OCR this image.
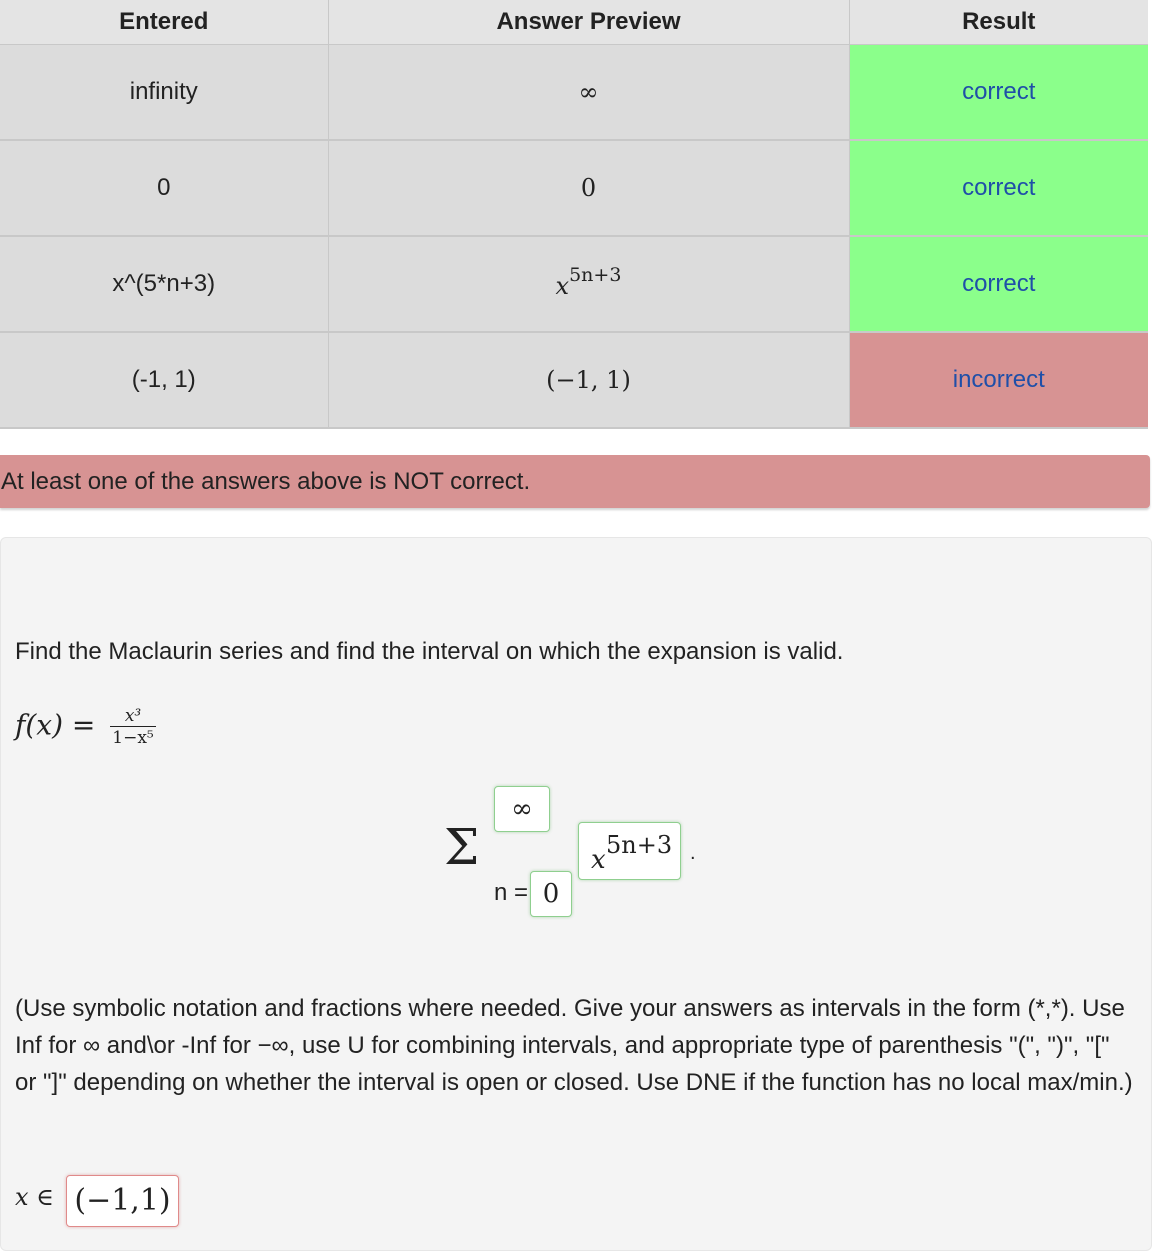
Entered	Answer Preview	Result
infinity	∞	correct
0	0	correct
x^(5*n+3)	$x^{5n+3}$	correct
(-1, 1)	(−1, 1)	incorrect
At least one of the answers above is NOT correct.
Find the Maclaurin series and find the interval on which the expansion is valid.
$f(x) = \frac{\text{x³}}{\text{1−x⁵}}$
Σ
∞
n = 0
x 5n+3 .
(Use symbolic notation and fractions where needed. Give your answers as intervals in the form (*,*). Use Inf for ∞ and\or -Inf for −∞, use U for combining intervals, and appropriate type of parenthesis "(", ")", "[" or "]" depending on whether the interval is open or closed. Use DNE if the function has no local max/min.)
x ∈ (−1,1)
